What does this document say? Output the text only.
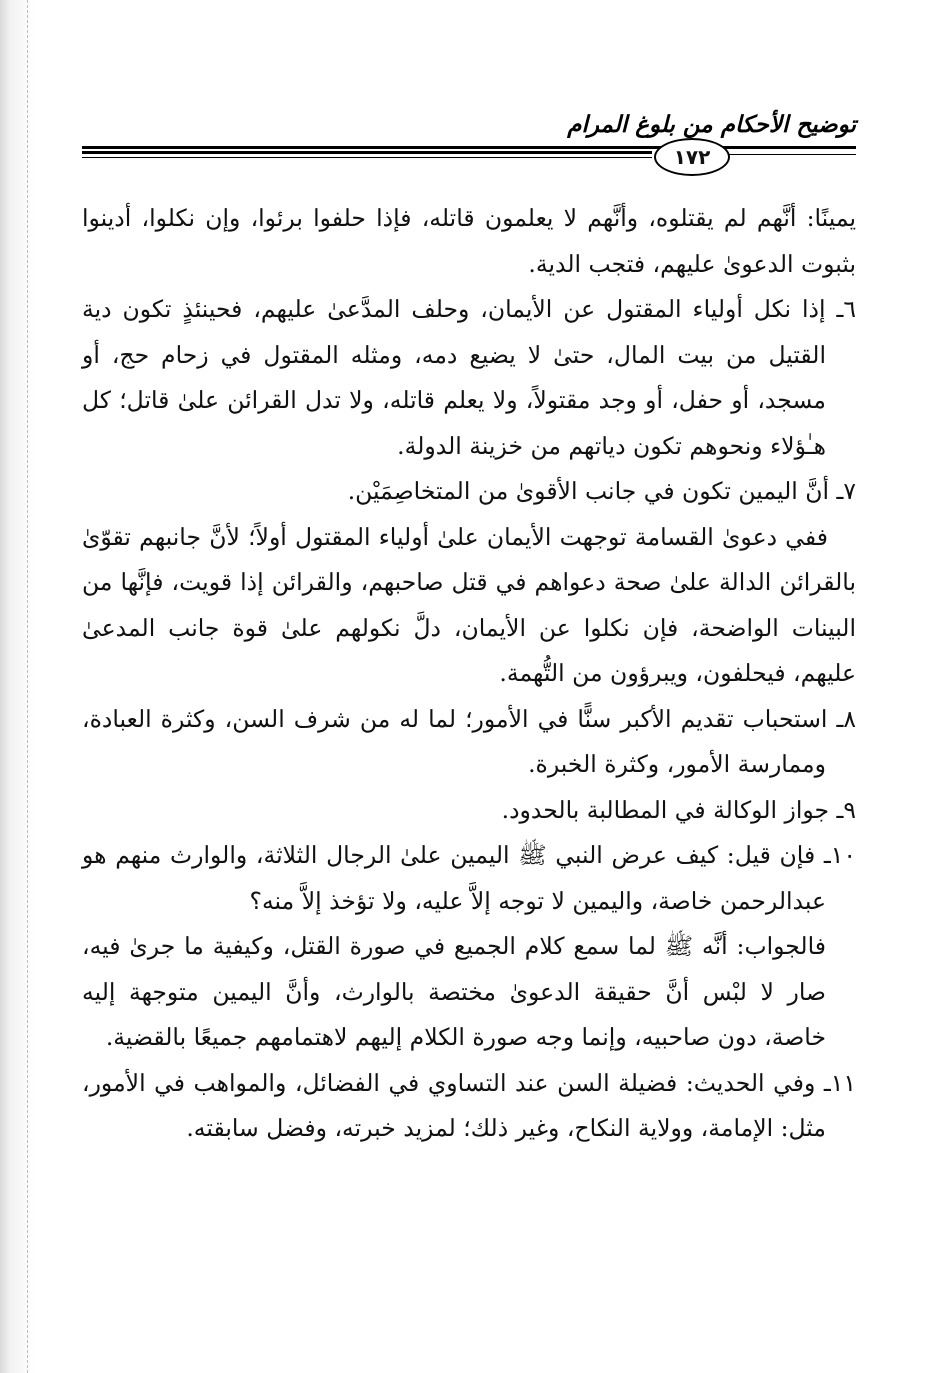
توضيح الأحكام من بلوغ المرام
١٧٢

يمينًا: أنَّهم لم يقتلوه، وأنَّهم لا يعلمون قاتله، فإذا حلفوا برئوا، وإن نكلوا، أدينوا بثبوت الدعوىٰ عليهم، فتجب الدية.

٦ـ إذا نكل أولياء المقتول عن الأيمان، وحلف المدَّعىٰ عليهم، فحينئذٍ تكون دية القتيل من بيت المال، حتىٰ لا يضيع دمه، ومثله المقتول في زحام حج، أو مسجد، أو حفل، أو وجد مقتولاً، ولا يعلم قاتله، ولا تدل القرائن علىٰ قاتل؛ كل هـٰؤلاء ونحوهم تكون دياتهم من خزينة الدولة.

٧ـ أنَّ اليمين تكون في جانب الأقوىٰ من المتخاصِمَيْن.

ففي دعوىٰ القسامة توجهت الأيمان علىٰ أولياء المقتول أولاً؛ لأنَّ جانبهم تقوّىٰ بالقرائن الدالة علىٰ صحة دعواهم في قتل صاحبهم، والقرائن إذا قويت، فإنَّها من البينات الواضحة، فإن نكلوا عن الأيمان، دلَّ نكولهم علىٰ قوة جانب المدعىٰ عليهم، فيحلفون، ويبرؤون من التُّهمة.

٨ـ استحباب تقديم الأكبر سنًّا في الأمور؛ لما له من شرف السن، وكثرة العبادة، وممارسة الأمور، وكثرة الخبرة.

٩ـ جواز الوكالة في المطالبة بالحدود.

١٠ـ فإن قيل: كيف عرض النبي ﷺ اليمين علىٰ الرجال الثلاثة، والوارث منهم هو عبدالرحمن خاصة، واليمين لا توجه إلاَّ عليه، ولا تؤخذ إلاَّ منه؟

فالجواب: أنَّه ﷺ لما سمع كلام الجميع في صورة القتل، وكيفية ما جرىٰ فيه، صار لا لبْس أنَّ حقيقة الدعوىٰ مختصة بالوارث، وأنَّ اليمين متوجهة إليه خاصة، دون صاحبيه، وإنما وجه صورة الكلام إليهم لاهتمامهم جميعًا بالقضية.

١١ـ وفي الحديث: فضيلة السن عند التساوي في الفضائل، والمواهب في الأمور، مثل: الإمامة، وولاية النكاح، وغير ذلك؛ لمزيد خبرته، وفضل سابقته.
